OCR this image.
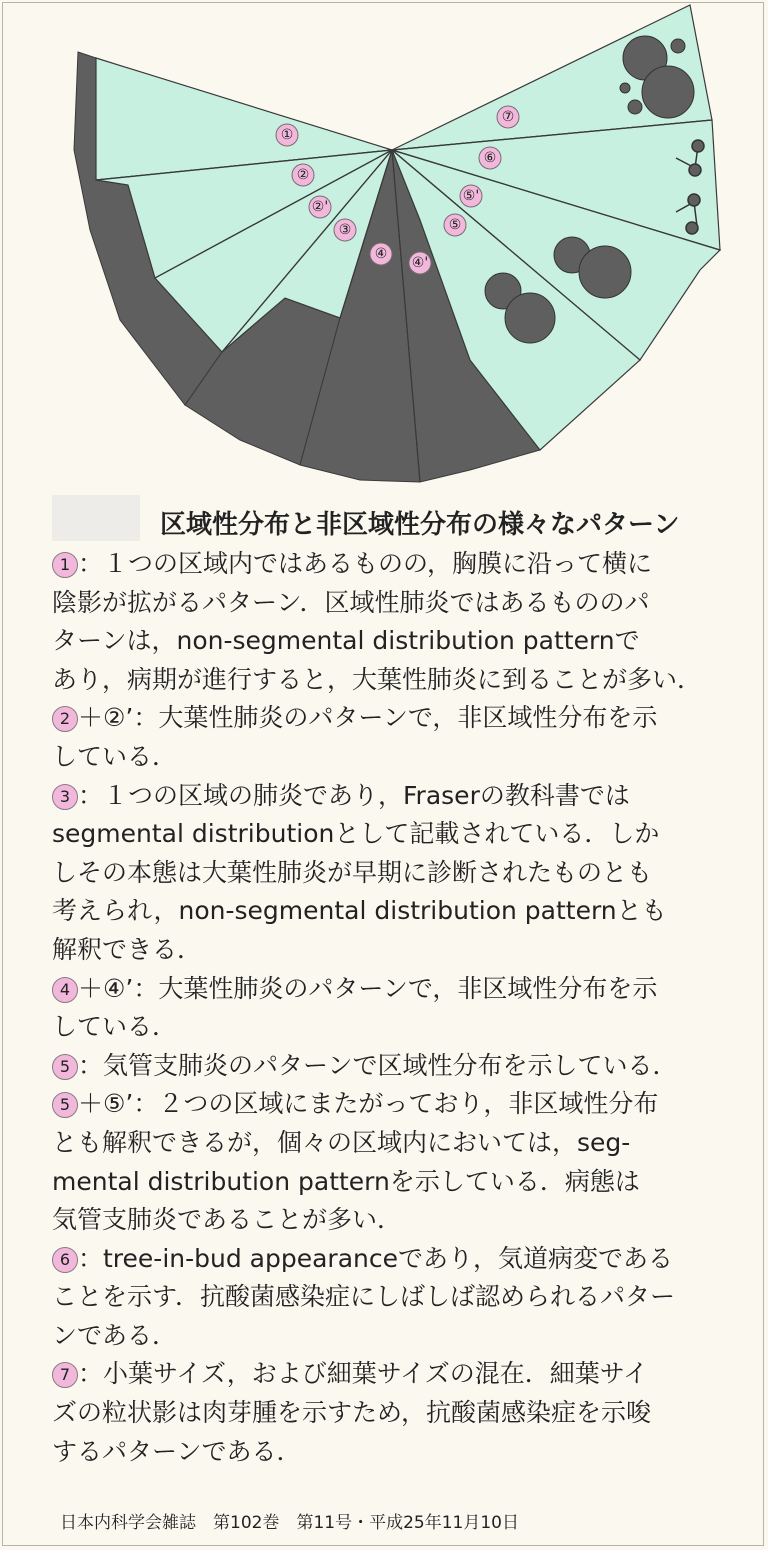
①
②
②'
③
④
④'
⑤
⑤'
⑥
⑦
区域性分布と非区域性分布の様々なパターン
1 ：１つの区域内ではあるものの，胸膜に沿って横に
陰影が拡がるパターン．区域性肺炎ではあるもののパ
ターンは，non-segmental distribution patternで
あり，病期が進行すると，大葉性肺炎に到ることが多い．
2 ＋②’：大葉性肺炎のパターンで，非区域性分布を示
している．
3 ：１つの区域の肺炎であり，Fraserの教科書では
segmental distributionとして記載されている．しか
しその本態は大葉性肺炎が早期に診断されたものとも
考えられ，non-segmental distribution patternとも
解釈できる．
4 ＋④’：大葉性肺炎のパターンで，非区域性分布を示
している．
5 ：気管支肺炎のパターンで区域性分布を示している．
5 ＋⑤’：２つの区域にまたがっており，非区域性分布
とも解釈できるが，個々の区域内においては，seg-
mental distribution patternを示している．病態は
気管支肺炎であることが多い．
6 ：tree-in-bud appearanceであり，気道病変である
ことを示す．抗酸菌感染症にしばしば認められるパター
ンである．
7 ：小葉サイズ，および細葉サイズの混在．細葉サイ
ズの粒状影は肉芽腫を示すため，抗酸菌感染症を示唆
するパターンである．
日本内科学会雑誌　第102巻　第11号・平成25年11月10日
